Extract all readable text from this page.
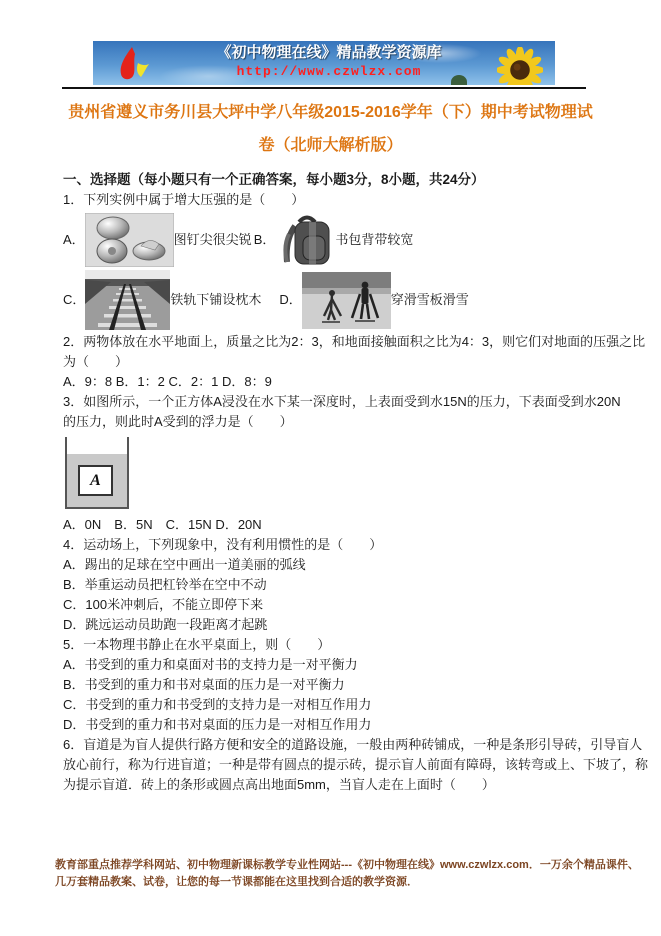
《初中物理在线》精品教学资源库
http://www.czwlzx.com
贵州省遵义市务川县大坪中学八年级2015-2016学年（下）期中考试物理试
卷（北师大解析版）
一、选择题（每小题只有一个正确答案，每小题3分，8小题，共24分）
1．下列实例中属于增大压强的是（　　）
A．	图钉尖很尖锐 B．	书包背带较宽
C．	铁轨下铺设枕木 D．	穿滑雪板滑雪
2．两物体放在水平地面上，质量之比为2：3，和地面接触面积之比为4：3，则它们对地面的压强之比
为（　　）
A．9：8 B．1：2 C．2：1 D．8：9
3．如图所示，一个正方体A浸没在水下某一深度时，上表面受到水15N的压力，下表面受到水20N
的压力，则此时A受到的浮力是（　　）
A
A．0N　B．5N　C．15N D．20N
4．运动场上，下列现象中，没有利用惯性的是（　　）
A．踢出的足球在空中画出一道美丽的弧线
B．举重运动员把杠铃举在空中不动
C．100米冲刺后，不能立即停下来
D．跳远运动员助跑一段距离才起跳
5．一本物理书静止在水平桌面上，则（　　）
A．书受到的重力和桌面对书的支持力是一对平衡力
B．书受到的重力和书对桌面的压力是一对平衡力
C．书受到的重力和书受到的支持力是一对相互作用力
D．书受到的重力和书对桌面的压力是一对相互作用力
6．盲道是为盲人提供行路方便和安全的道路设施，一般由两种砖铺成，一种是条形引导砖，引导盲人
放心前行，称为行进盲道；一种是带有圆点的提示砖，提示盲人前面有障碍，该转弯或上、下坡了，称
为提示盲道．砖上的条形或圆点高出地面5mm，当盲人走在上面时（　　）
教育部重点推荐学科网站、初中物理新课标教学专业性网站---《初中物理在线》www.czwlzx.com．一万余个精品课件、
几万套精品教案、试卷，让您的每一节课都能在这里找到合适的教学资源．
